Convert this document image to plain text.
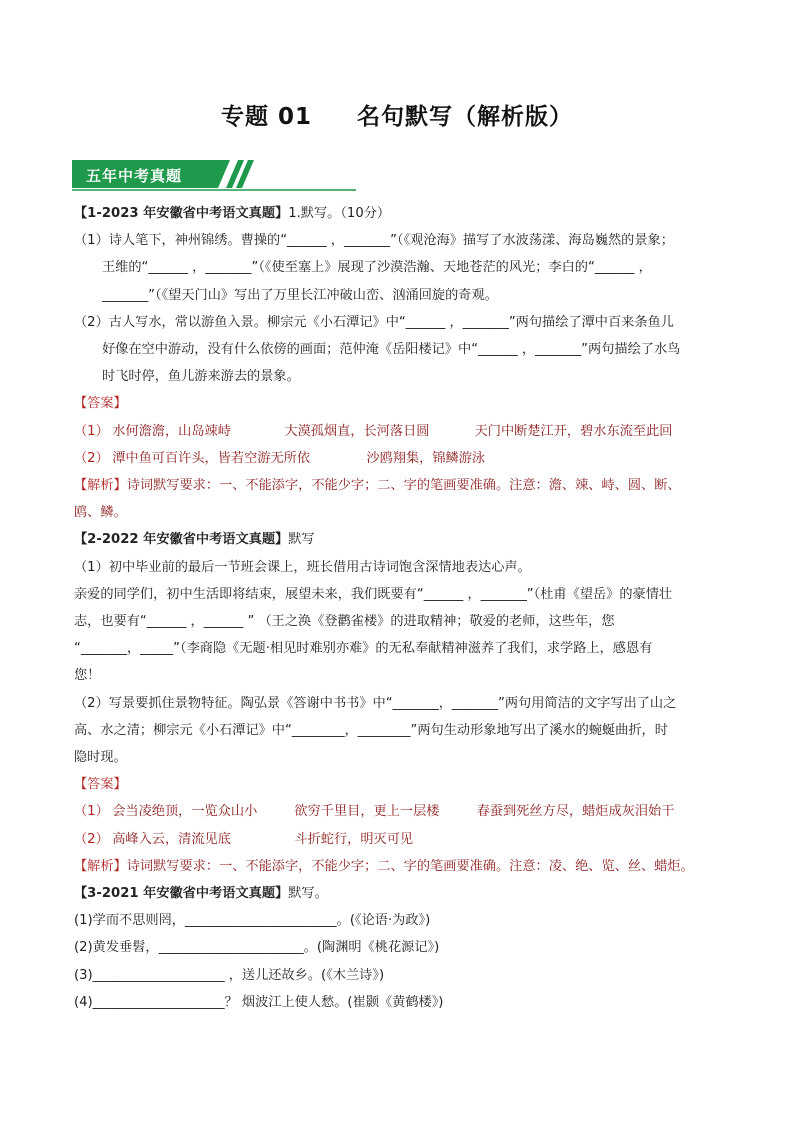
专题 01     名句默写（解析版）
五年中考真题

【1-2023 年安徽省中考语文真题】1.默写。（10分）

（1）诗人笔下，神州锦绣。曹操的“______ ，_______”（《观沧海》描写了水波荡漾、海岛巍然的景象；

王维的“______ ，_______”（《使至塞上》展现了沙漠浩瀚、天地苍茫的风光；李白的“______ ，

_______”（《望天门山》写出了万里长江冲破山峦、汹涌回旋的奇观。

（2）古人写水，常以游鱼入景。柳宗元《小石潭记》中“______ ，_______”两句描绘了潭中百来条鱼儿

好像在空中游动，没有什么依傍的画面；范仲淹《岳阳楼记》中“______ ，_______”两句描绘了水鸟

时飞时停，鱼儿游来游去的景象。

【答案】

（1） 水何澹澹，山岛竦峙	大漠孤烟直，长河落日圆	天门中断楚江开，碧水东流至此回

（2） 潭中鱼可百许头，皆若空游无所依	沙鸥翔集，锦鳞游泳

【解析】诗词默写要求：一、不能添字，不能少字；二、字的笔画要准确。注意：澹、竦、峙、圆、断、

鸥、鳞。

【2-2022 年安徽省中考语文真题】默写

（1）初中毕业前的最后一节班会课上，班长借用古诗词饱含深情地表达心声。

亲爱的同学们，初中生活即将结束，展望未来，我们既要有“______ ，_______”（杜甫《望岳》的豪情壮

志，也要有“______ ，______ ” （王之涣《登鹳雀楼》的进取精神；敬爱的老师，这些年，您

“_______，_____”（李商隐《无题·相见时难别亦难》的无私奉献精神滋养了我们，求学路上，感恩有

您！

（2）写景要抓住景物特征。陶弘景《答谢中书书》中“_______，_______”两句用简洁的文字写出了山之

高、水之清；柳宗元《小石潭记》中“________，________”两句生动形象地写出了溪水的蜿蜒曲折，时

隐时现。

【答案】

（1） 会当凌绝顶，一览众山小	欲穷千里目，更上一层楼	春蚕到死丝方尽，蜡炬成灰泪始干

（2） 高峰入云，清流见底	斗折蛇行，明灭可见

【解析】诗词默写要求：一、不能添字，不能少字；二、字的笔画要准确。注意：凌、绝、览、丝、蜡炬。

【3-2021 年安徽省中考语文真题】默写。

(1)学而不思则罔，_______________________。(《论语·为政》)

(2)黄发垂髫，______________________。(陶渊明《桃花源记》)

(3)____________________ ，送儿还故乡。(《木兰诗》)

(4)____________________？ 烟波江上使人愁。(崔颢《黄鹤楼》)
